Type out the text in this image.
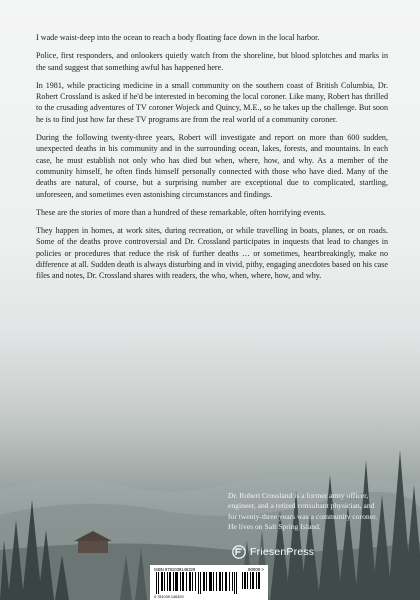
I wade waist-deep into the ocean to reach a body floating face down in the local harbor.

Police, first responders, and onlookers quietly watch from the shoreline, but blood splotches and marks in the sand suggest that something awful has happened here.

In 1981, while practicing medicine in a small community on the southern coast of British Columbia, Dr. Robert Crossland is asked if he'd be interested in becoming the local coroner. Like many, Robert has thrilled to the crusading adventures of TV coroner Wojeck and Quincy, M.E., so he takes up the challenge. But soon he is to find just how far these TV programs are from the real world of a community coroner.

During the following twenty-three years, Robert will investigate and report on more than 600 sudden, unexpected deaths in his community and in the surrounding ocean, lakes, forests, and mountains. In each case, he must establish not only who has died but when, where, how, and why. As a member of the community himself, he often finds himself personally connected with those who have died. Many of the deaths are natural, of course, but a surprising number are exceptional due to complicated, startling, unforeseen, and sometimes even astonishing circumstances and findings.

These are the stories of more than a hundred of these remarkable, often horrifying events.

They happen in homes, at work sites, during recreation, or while travelling in boats, planes, or on roads. Some of the deaths prove controversial and Dr. Crossland participates in inquests that lead to changes in policies or procedures that reduce the risk of further deaths … or sometimes, heartbreakingly, make no difference at all. Sudden death is always disturbing and in vivid, pithy, engaging anecdotes based on his case files and notes, Dr. Crossland shares with readers, the who, when, where, how, and why.

Dr. Robert Crossland is a former army officer, engineer, and a retired consultant physician, and for twenty-three years was a community coroner. He lives on Salt Spring Island.

FriesenPress
ISBN 9781039146329	90000 >
9 781039 146329
